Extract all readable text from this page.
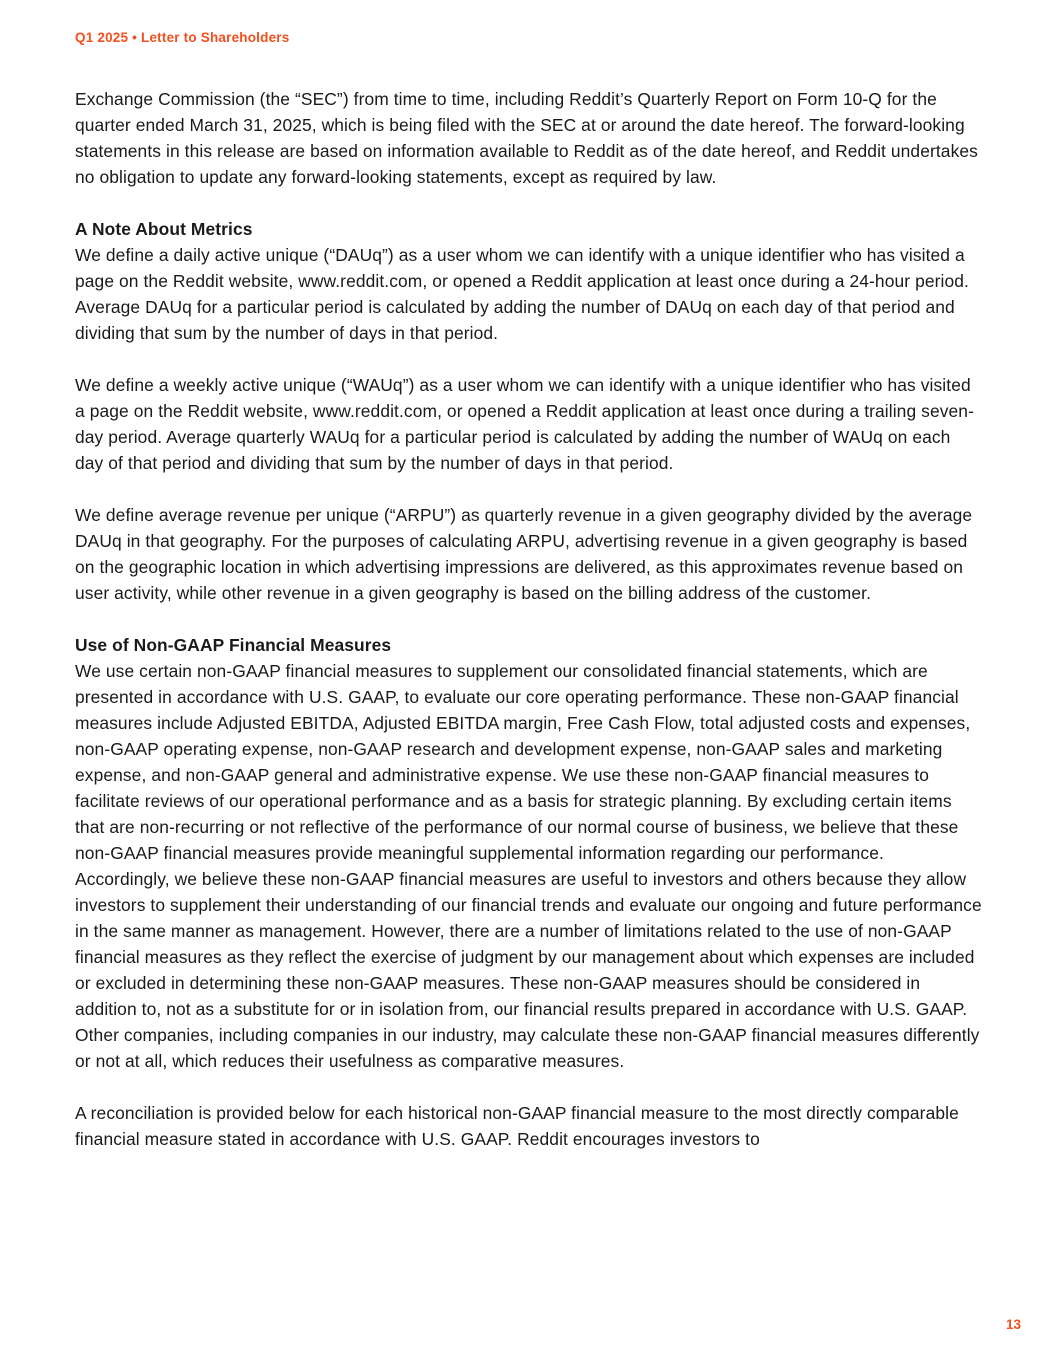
Q1 2025 • Letter to Shareholders

Exchange Commission (the “SEC”) from time to time, including Reddit’s Quarterly Report on Form 10-Q for the quarter ended March 31, 2025, which is being filed with the SEC at or around the date hereof. The forward-looking statements in this release are based on information available to Reddit as of the date hereof, and Reddit undertakes no obligation to update any forward-looking statements, except as required by law.

A Note About Metrics

We define a daily active unique (“DAUq”) as a user whom we can identify with a unique identifier who has visited a page on the Reddit website, www.reddit.com, or opened a Reddit application at least once during a 24-hour period. Average DAUq for a particular period is calculated by adding the number of DAUq on each day of that period and dividing that sum by the number of days in that period.

We define a weekly active unique (“WAUq”) as a user whom we can identify with a unique identifier who has visited a page on the Reddit website, www.reddit.com, or opened a Reddit application at least once during a trailing seven-day period. Average quarterly WAUq for a particular period is calculated by adding the number of WAUq on each day of that period and dividing that sum by the number of days in that period.

We define average revenue per unique (“ARPU”) as quarterly revenue in a given geography divided by the average DAUq in that geography. For the purposes of calculating ARPU, advertising revenue in a given geography is based on the geographic location in which advertising impressions are delivered, as this approximates revenue based on user activity, while other revenue in a given geography is based on the billing address of the customer.

Use of Non-GAAP Financial Measures

We use certain non-GAAP financial measures to supplement our consolidated financial statements, which are presented in accordance with U.S. GAAP, to evaluate our core operating performance. These non-GAAP financial measures include Adjusted EBITDA, Adjusted EBITDA margin, Free Cash Flow, total adjusted costs and expenses, non-GAAP operating expense, non-GAAP research and development expense, non-GAAP sales and marketing expense, and non-GAAP general and administrative expense. We use these non-GAAP financial measures to facilitate reviews of our operational performance and as a basis for strategic planning. By excluding certain items that are non-recurring or not reflective of the performance of our normal course of business, we believe that these non-GAAP financial measures provide meaningful supplemental information regarding our performance. Accordingly, we believe these non-GAAP financial measures are useful to investors and others because they allow investors to supplement their understanding of our financial trends and evaluate our ongoing and future performance in the same manner as management. However, there are a number of limitations related to the use of non-GAAP financial measures as they reflect the exercise of judgment by our management about which expenses are included or excluded in determining these non-GAAP measures. These non-GAAP measures should be considered in addition to, not as a substitute for or in isolation from, our financial results prepared in accordance with U.S. GAAP. Other companies, including companies in our industry, may calculate these non-GAAP financial measures differently or not at all, which reduces their usefulness as comparative measures.

A reconciliation is provided below for each historical non-GAAP financial measure to the most directly comparable financial measure stated in accordance with U.S. GAAP. Reddit encourages investors to

13
